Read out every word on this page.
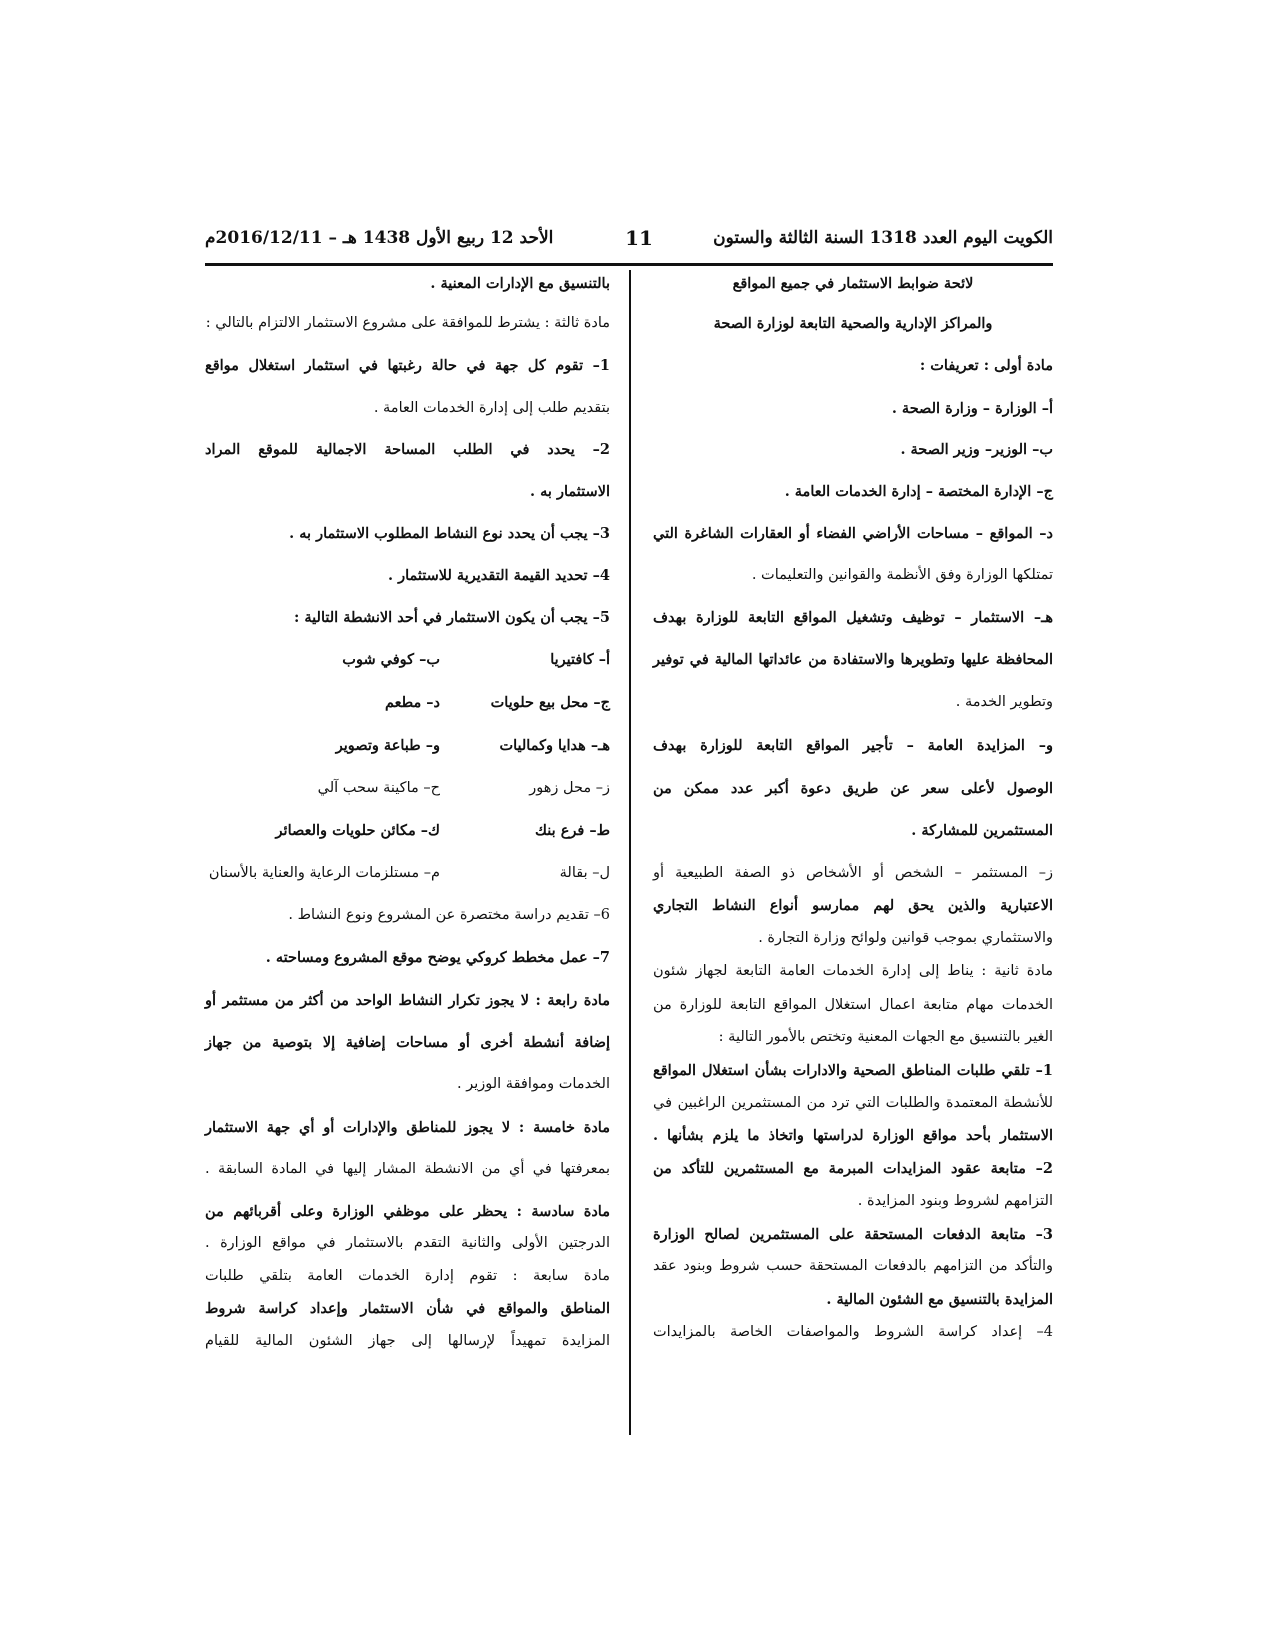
الكويت اليوم العدد 1318 السنة الثالثة والستون
11
الأحد 12 ربيع الأول 1438 هـ – 2016/12/11م
لائحة ضوابط الاستثمار في جميع المواقع
والمراكز الإدارية والصحية التابعة لوزارة الصحة
مادة أولى : تعريفات :
أ– الوزارة – وزارة الصحة .
ب– الوزير– وزير الصحة .
ج– الإدارة المختصة – إدارة الخدمات العامة .
د– المواقع – مساحات الأراضي الفضاء أو العقارات الشاغرة التي
تمتلكها الوزارة وفق الأنظمة والقوانين والتعليمات .
هـ– الاستثمار – توظيف وتشغيل المواقع التابعة للوزارة بهدف
المحافظة عليها وتطويرها والاستفادة من عائداتها المالية في توفير
وتطوير الخدمة .
و– المزايدة العامة – تأجير المواقع التابعة للوزارة بهدف
الوصول لأعلى سعر عن طريق دعوة أكبر عدد ممكن من
المستثمرين للمشاركة .
ز– المستثمر – الشخص أو الأشخاص ذو الصفة الطبيعية أو
الاعتبارية والذين يحق لهم ممارسو أنواع النشاط التجاري
والاستثماري بموجب قوانين ولوائح وزارة التجارة .
مادة ثانية : يناط إلى إدارة الخدمات العامة التابعة لجهاز شئون
الخدمات مهام متابعة اعمال استغلال المواقع التابعة للوزارة من
الغير بالتنسيق مع الجهات المعنية وتختص بالأمور التالية :
1– تلقي طلبات المناطق الصحية والادارات بشأن استغلال المواقع
للأنشطة المعتمدة والطلبات التي ترد من المستثمرين الراغبين في
الاستثمار بأحد مواقع الوزارة لدراستها واتخاذ ما يلزم بشأنها .
2– متابعة عقود المزايدات المبرمة مع المستثمرين للتأكد من
التزامهم لشروط وبنود المزايدة .
3– متابعة الدفعات المستحقة على المستثمرين لصالح الوزارة
والتأكد من التزامهم بالدفعات المستحقة حسب شروط وبنود عقد
المزايدة بالتنسيق مع الشئون المالية .
4– إعداد كراسة الشروط والمواصفات الخاصة بالمزايدات
بالتنسيق مع الإدارات المعنية .
مادة ثالثة : يشترط للموافقة على مشروع الاستثمار الالتزام بالتالي :
1– تقوم كل جهة في حالة رغبتها في استثمار استغلال مواقع
بتقديم طلب إلى إدارة الخدمات العامة .
2– يحدد في الطلب المساحة الاجمالية للموقع المراد
الاستثمار به .
3– يجب أن يحدد نوع النشاط المطلوب الاستثمار به .
4– تحديد القيمة التقديرية للاستثمار .
5– يجب أن يكون الاستثمار في أحد الانشطة التالية :
أ– كافتيريا
ب– كوفي شوب
ج– محل بيع حلويات
د– مطعم
هـ– هدايا وكماليات
و– طباعة وتصوير
ز– محل زهور
ح– ماكينة سحب آلي
ط– فرع بنك
ك– مكائن حلويات والعصائر
ل– بقالة
م– مستلزمات الرعاية والعناية بالأسنان
6– تقديم دراسة مختصرة عن المشروع ونوع النشاط .
7– عمل مخطط كروكي يوضح موقع المشروع ومساحته .
مادة رابعة : لا يجوز تكرار النشاط الواحد من أكثر من مستثمر أو
إضافة أنشطة أخرى أو مساحات إضافية إلا بتوصية من جهاز
الخدمات وموافقة الوزير .
مادة خامسة : لا يجوز للمناطق والإدارات أو أي جهة الاستثمار
بمعرفتها في أي من الانشطة المشار إليها في المادة السابقة .
مادة سادسة : يحظر على موظفي الوزارة وعلى أقربائهم من
الدرجتين الأولى والثانية التقدم بالاستثمار في مواقع الوزارة .
مادة سابعة : تقوم إدارة الخدمات العامة بتلقي طلبات
المناطق والمواقع في شأن الاستثمار وإعداد كراسة شروط
المزايدة تمهيداً لإرسالها إلى جهاز الشئون المالية للقيام
